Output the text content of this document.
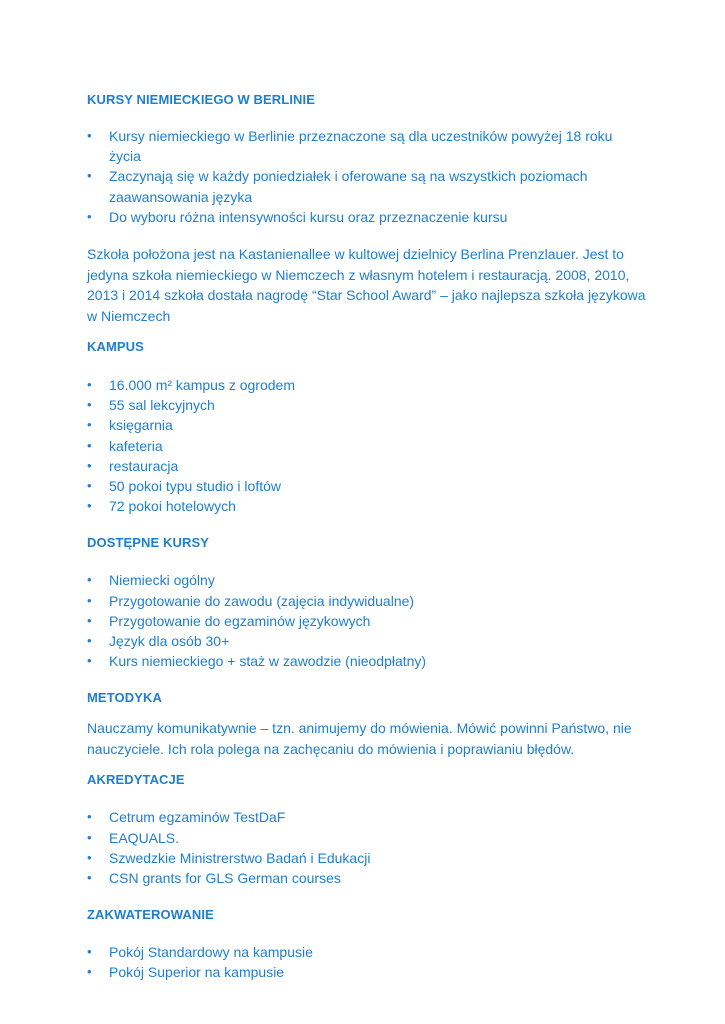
KURSY NIEMIECKIEGO W BERLINIE
•	Kursy niemieckiego w Berlinie przeznaczone są dla uczestników powyżej 18 roku życia
•	Zaczynają się w każdy poniedziałek i oferowane są na wszystkich poziomach zaawansowania języka
•	Do wyboru różna intensywności kursu oraz przeznaczenie kursu

Szkoła położona jest na Kastanienallee w kultowej dzielnicy Berlina Prenzlauer. Jest to jedyna szkoła niemieckiego w Niemczech z własnym hotelem i restauracją. 2008, 2010, 2013 i 2014 szkoła dostała nagrodę “Star School Award” – jako najlepsza szkoła językowa w Niemczech

KAMPUS
•	16.000 m² kampus z ogrodem
•	55 sal lekcyjnych
•	księgarnia
•	kafeteria
•	restauracja
•	50 pokoi typu studio i loftów
•	72 pokoi hotelowych
DOSTĘPNE KURSY
•	Niemiecki ogólny
•	Przygotowanie do zawodu (zajęcia indywidualne)
•	Przygotowanie do egzaminów językowych
•	Język dla osób 30+
•	Kurs niemieckiego + staż w zawodzie (nieodpłatny)
METODYKA

Nauczamy komunikatywnie – tzn. animujemy do mówienia. Mówić powinni Państwo, nie nauczyciele. Ich rola polega na zachęcaniu do mówienia i poprawianiu błędów.

AKREDYTACJE
•	Cetrum egzaminów TestDaF
•	EAQUALS.
•	Szwedzkie Ministrerstwo Badań i Edukacji
•	CSN grants for GLS German courses
ZAKWATEROWANIE
•	Pokój Standardowy na kampusie
•	Pokój Superior na kampusie
